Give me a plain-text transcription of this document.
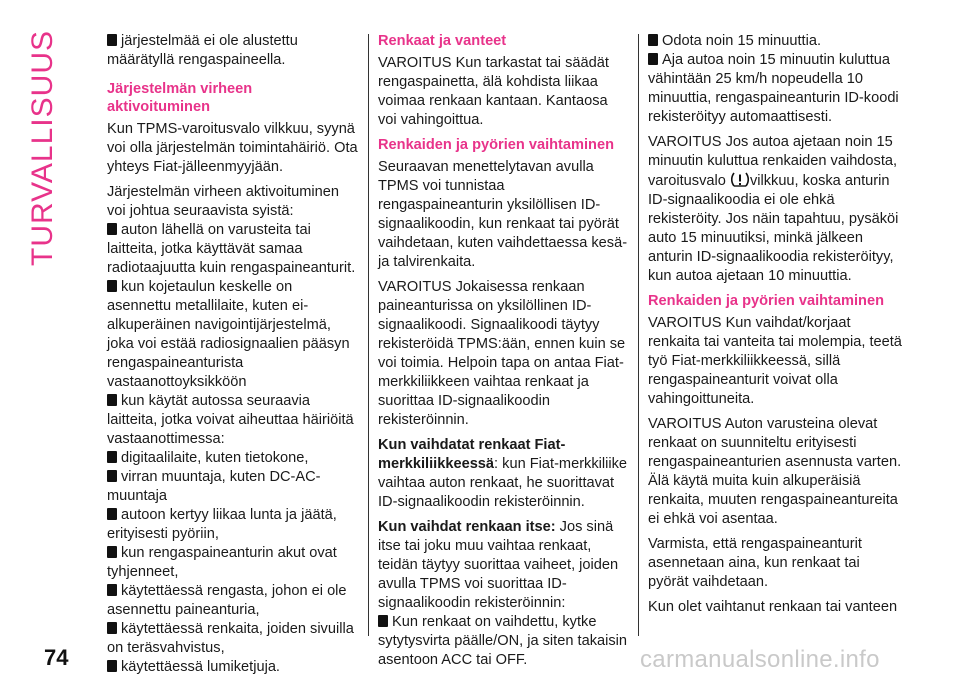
TURVALLISUUS	järjestelmää ei ole alustettu määrätyllä rengaspaineella.

Järjestelmän virheen aktivoituminen

Kun TPMS-varoitusvalo vilkkuu, syynä voi olla järjestelmän toimintahäiriö. Ota yhteys Fiat-jälleenmyyjään.

Järjestelmän virheen aktivoituminen voi johtua seuraavista syistä:

auton lähellä on varusteita tai laitteita, jotka käyttävät samaa radiotaajuutta kuin rengaspaineanturit.

kun kojetaulun keskelle on asennettu metallilaite, kuten ei-alkuperäinen navigointijärjestelmä, joka voi estää radiosignaalien pääsyn rengaspaineanturista vastaanottoyksikköön

kun käytät autossa seuraavia laitteita, jotka voivat aiheuttaa häiriöitä vastaanottimessa:

digitaalilaite, kuten tietokone,

virran muuntaja, kuten DC-AC-muuntaja

autoon kertyy liikaa lunta ja jäätä, erityisesti pyöriin,

kun rengaspaineanturin akut ovat tyhjenneet,

käytettäessä rengasta, johon ei ole asennettu paineanturia,

käytettäessä renkaita, joiden sivuilla on teräsvahvistus,

käytettäessä lumiketjuja.

Renkaat ja vanteet

VAROITUS Kun tarkastat tai säädät rengaspainetta, älä kohdista liikaa voimaa renkaan kantaan. Kantaosa voi vahingoittua.

Renkaiden ja pyörien vaihtaminen

Seuraavan menettelytavan avulla TPMS voi tunnistaa rengaspaineanturin yksilöllisen ID-signaalikoodin, kun renkaat tai pyörät vaihdetaan, kuten vaihdettaessa kesä- ja talvirenkaita.

VAROITUS Jokaisessa renkaan paineanturissa on yksilöllinen ID-signaalikoodi. Signaalikoodi täytyy rekisteröidä TPMS:ään, ennen kuin se voi toimia. Helpoin tapa on antaa Fiat-merkkiliikkeen vaihtaa renkaat ja suorittaa ID-signaalikoodin rekisteröinnin.

Kun vaihdatat renkaat Fiat-merkkiliikkeessä: kun Fiat-merkkiliike vaihtaa auton renkaat, he suorittavat ID-signaalikoodin rekisteröinnin.

Kun vaihdat renkaan itse: Jos sinä itse tai joku muu vaihtaa renkaat, teidän täytyy suorittaa vaiheet, joiden avulla TPMS voi suorittaa ID-signaalikoodin rekisteröinnin:

Kun renkaat on vaihdettu, kytke sytytysvirta päälle/ON, ja siten takaisin asentoon ACC tai OFF.

Odota noin 15 minuuttia.

Aja autoa noin 15 minuutin kuluttua vähintään 25 km/h nopeudella 10 minuuttia, rengaspaineanturin ID-koodi rekisteröityy automaattisesti.

VAROITUS Jos autoa ajetaan noin 15 minuutin kuluttua renkaiden vaihdosta, varoitusvalo vilkkuu, koska anturin ID-signaalikoodia ei ole ehkä rekisteröity. Jos näin tapahtuu, pysäköi auto 15 minuutiksi, minkä jälkeen anturin ID-signaalikoodia rekisteröityy, kun autoa ajetaan 10 minuuttia.

Renkaiden ja pyörien vaihtaminen

VAROITUS Kun vaihdat/korjaat renkaita tai vanteita tai molempia, teetä työ Fiat-merkkiliikkeessä, sillä rengaspaineanturit voivat olla vahingoittuneita.

VAROITUS Auton varusteina olevat renkaat on suunniteltu erityisesti rengaspaineanturien asennusta varten. Älä käytä muita kuin alkuperäisiä renkaita, muuten rengaspaineantureita ei ehkä voi asentaa.

Varmista, että rengaspaineanturit asennetaan aina, kun renkaat tai pyörät vaihdetaan.

Kun olet vaihtanut renkaan tai vanteen

74	carmanualsonline.info
